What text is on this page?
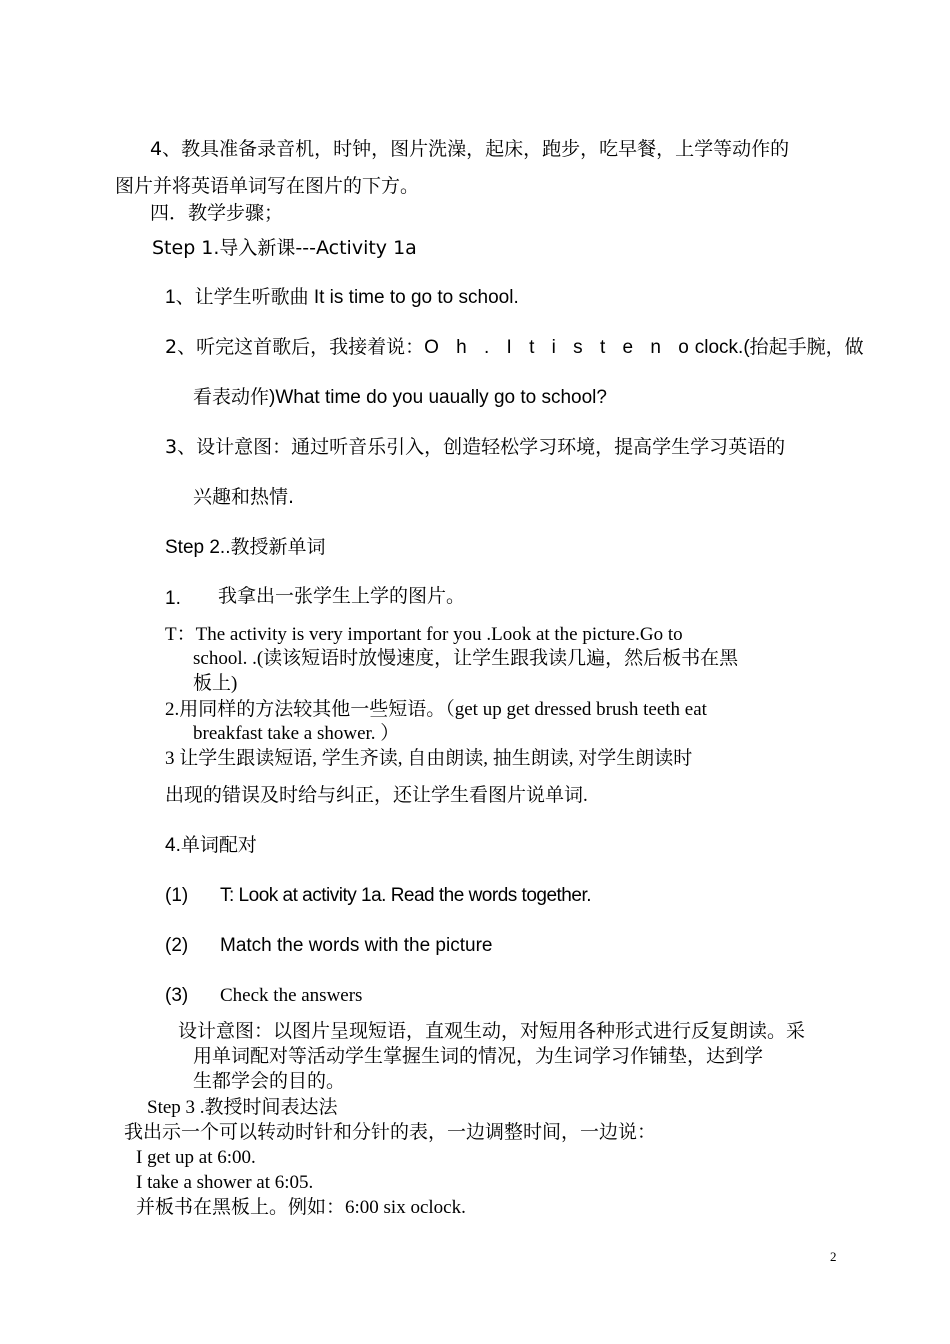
4、教具准备录音机，时钟，图片洗澡，起床，跑步，吃早餐，上学等动作的
图片并将英语单词写在图片的下方。
四．教学步骤；
Step 1.导入新课---Activity 1a
1、让学生听歌曲 It is time to go to school.
2、听完这首歌后，我接着说：O h . I t i s t e n oclock.(抬起手腕，做
看表动作)What time do you uaually go to school?
3、设计意图：通过听音乐引入，创造轻松学习环境，提高学生学习英语的
兴趣和热情.
Step 2..教授新单词
1. 我拿出一张学生上学的图片。
T：The activity is very important for you .Look at the picture.Go to
school. .(读该短语时放慢速度，让学生跟我读几遍，然后板书在黑
板上)
2.用同样的方法较其他一些短语。（get up get dressed brush teeth eat
breakfast take a shower. ）
3 让学生跟读短语, 学生齐读, 自由朗读, 抽生朗读, 对学生朗读时
出现的错误及时给与纠正，还让学生看图片说单词.
4.单词配对
(1) T: Look at activity 1a. Read the words together.
(2) Match the words with the picture
(3) Check the answers
设计意图：以图片呈现短语，直观生动，对短用各种形式进行反复朗读。采
用单词配对等活动学生掌握生词的情况，为生词学习作铺垫，达到学
生都学会的目的。
Step 3 .教授时间表达法
我出示一个可以转动时针和分针的表，一边调整时间，一边说：
I get up at 6:00.
I take a shower at 6:05.
并板书在黑板上。例如：6:00 six oclock.
2
